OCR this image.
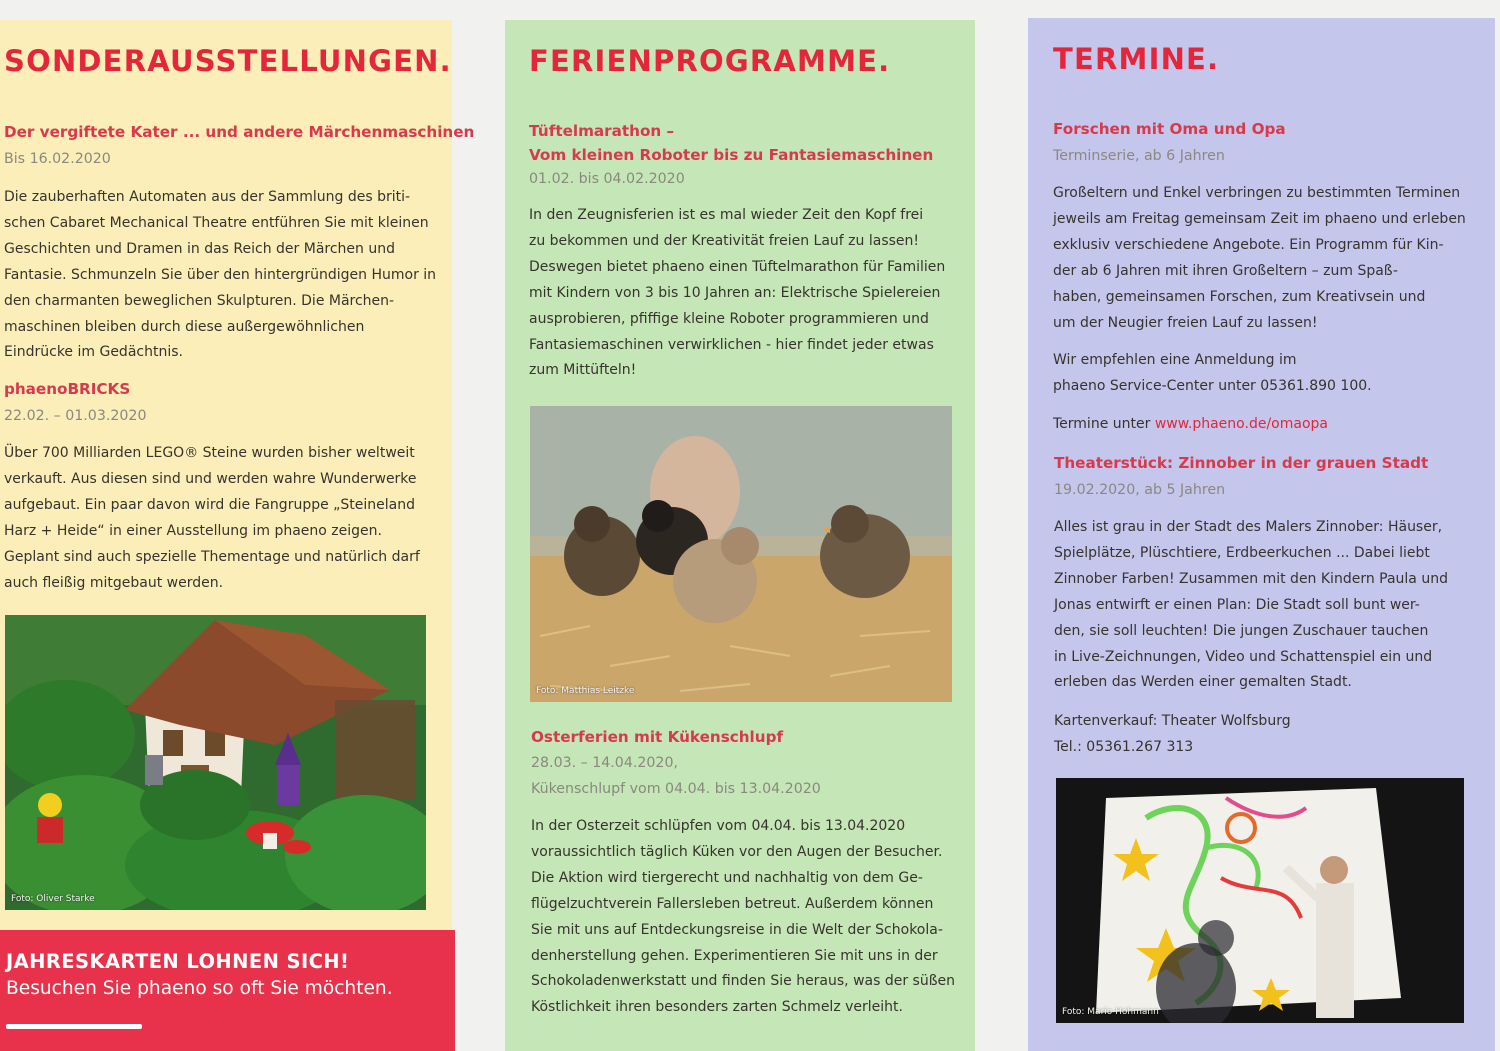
SONDERAUSSTELLUNGEN.
Der vergiftete Kater ... und andere Märchenmaschinen

Bis 16.02.2020

Die zauberhaften Automaten aus der Sammlung des briti-
schen Cabaret Mechanical Theatre entführen Sie mit kleinen
Geschichten und Dramen in das Reich der Märchen und
Fantasie. Schmunzeln Sie über den hintergründigen Humor in
den charmanten beweglichen Skulpturen. Die Märchen-
maschinen bleiben durch diese außergewöhnlichen
Eindrücke im Gedächtnis.

phaenoBRICKS

22.02. – 01.03.2020

Über 700 Milliarden LEGO® Steine wurden bisher weltweit
verkauft. Aus diesen sind und werden wahre Wunderwerke
aufgebaut. Ein paar davon wird die Fangruppe „Steineland
Harz + Heide“ in einer Ausstellung im phaeno zeigen.
Geplant sind auch spezielle Thementage und natürlich darf
auch fleißig mitgebaut werden.

Foto: Oliver Starke
JAHRESKARTEN LOHNEN SICH!
Besuchen Sie phaeno so oft Sie möchten.
FERIENPROGRAMME.
Tüftelmarathon –
Vom kleinen Roboter bis zu Fantasiemaschinen

01.02. bis 04.02.2020

In den Zeugnisferien ist es mal wieder Zeit den Kopf frei
zu bekommen und der Kreativität freien Lauf zu lassen!
Deswegen bietet phaeno einen Tüftelmarathon für Familien
mit Kindern von 3 bis 10 Jahren an: Elektrische Spielereien
ausprobieren, pfiffige kleine Roboter programmieren und
Fantasiemaschinen verwirklichen - hier findet jeder etwas
zum Mittüfteln!

Foto: Matthias Leitzke
Osterferien mit Kükenschlupf

28.03. – 14.04.2020,
Kükenschlupf vom 04.04. bis 13.04.2020

In der Osterzeit schlüpfen vom 04.04. bis 13.04.2020
voraussichtlich täglich Küken vor den Augen der Besucher.
Die Aktion wird tiergerecht und nachhaltig von dem Ge-
flügelzuchtverein Fallersleben betreut. Außerdem können
Sie mit uns auf Entdeckungsreise in die Welt der Schokola-
denherstellung gehen. Experimentieren Sie mit uns in der
Schokoladenwerkstatt und finden Sie heraus, was der süßen
Köstlichkeit ihren besonders zarten Schmelz verleiht.

TERMINE.
Forschen mit Oma und Opa

Terminserie, ab 6 Jahren

Großeltern und Enkel verbringen zu bestimmten Terminen
jeweils am Freitag gemeinsam Zeit im phaeno und erleben
exklusiv verschiedene Angebote. Ein Programm für Kin-
der ab 6 Jahren mit ihren Großeltern – zum Spaß-
haben, gemeinsamen Forschen, zum Kreativsein und
um der Neugier freien Lauf zu lassen!

Wir empfehlen eine Anmeldung im
phaeno Service-Center unter 05361.890 100.

Termine unter www.phaeno.de/omaopa

Theaterstück: Zinnober in der grauen Stadt

19.02.2020, ab 5 Jahren

Alles ist grau in der Stadt des Malers Zinnober: Häuser,
Spielplätze, Plüschtiere, Erdbeerkuchen ... Dabei liebt
Zinnober Farben! Zusammen mit den Kindern Paula und
Jonas entwirft er einen Plan: Die Stadt soll bunt wer-
den, sie soll leuchten! Die jungen Zuschauer tauchen
in Live-Zeichnungen, Video und Schattenspiel ein und
erleben das Werden einer gemalten Stadt.

Kartenverkauf: Theater Wolfsburg
Tel.: 05361.267 313

Foto: Mario Hohmann
